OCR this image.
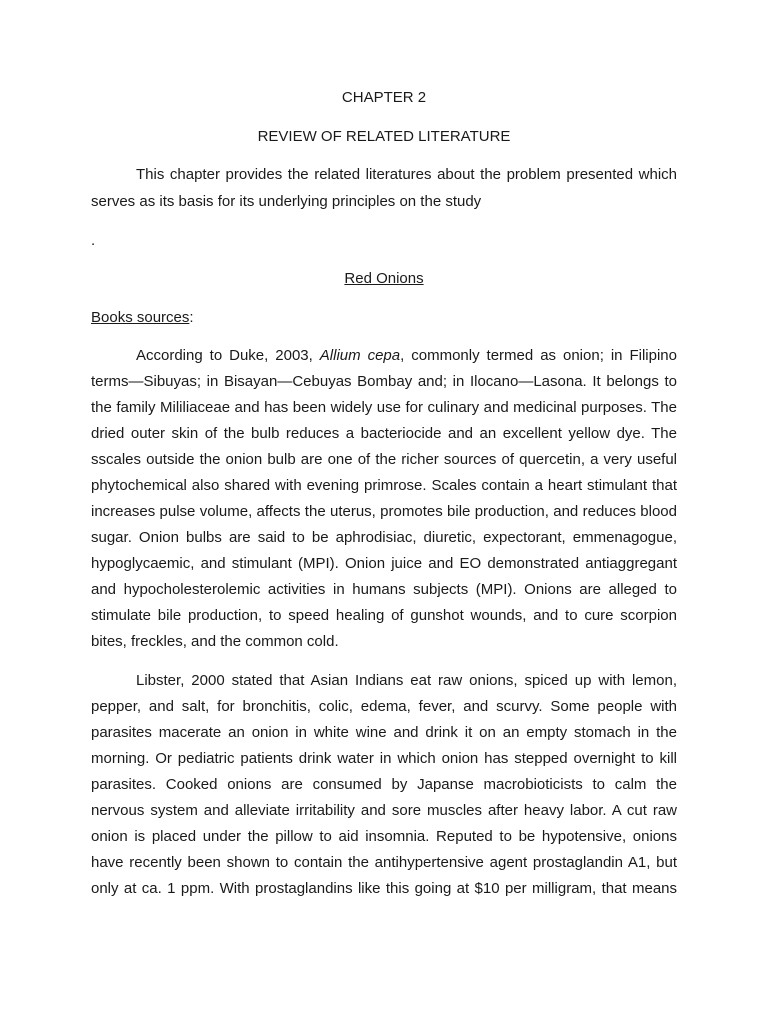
CHAPTER 2
REVIEW OF RELATED LITERATURE
This chapter provides the related literatures about the problem presented which
serves as its basis for its underlying principles on the study
.
Red Onions
Books sources:
According to Duke, 2003, Allium cepa, commonly termed as onion; in Filipino
terms—Sibuyas; in Bisayan—Cebuyas Bombay and; in Ilocano—Lasona. It belongs to
the family Mililiaceae and has been widely use for culinary and medicinal purposes. The
dried outer skin of the bulb reduces a bacteriocide and an excellent yellow dye. The
sscales outside the onion bulb are one of the richer sources of quercetin, a very useful
phytochemical also shared with evening primrose. Scales contain a heart stimulant that
increases pulse volume, affects the uterus, promotes bile production, and reduces blood
sugar. Onion bulbs are said to be aphrodisiac, diuretic, expectorant, emmenagogue,
hypoglycaemic, and stimulant (MPI). Onion juice and EO demonstrated antiaggregant
and hypocholesterolemic activities in humans subjects (MPI). Onions are alleged to
stimulate bile production, to speed healing of gunshot wounds, and to cure scorpion
bites, freckles, and the common cold.
Libster, 2000 stated that Asian Indians eat raw onions, spiced up with lemon,
pepper, and salt, for bronchitis, colic, edema, fever, and scurvy. Some people with
parasites macerate an onion in white wine and drink it on an empty stomach in the
morning. Or pediatric patients drink water in which onion has stepped overnight to kill
parasites. Cooked onions are consumed by Japanse macrobioticists to calm the
nervous system and alleviate irritability and sore muscles after heavy labor. A cut raw
onion is placed under the pillow to aid insomnia. Reputed to be hypotensive, onions
have recently been shown to contain the antihypertensive agent prostaglandin A1, but
only at ca. 1 ppm. With prostaglandins like this going at $10 per milligram, that means
